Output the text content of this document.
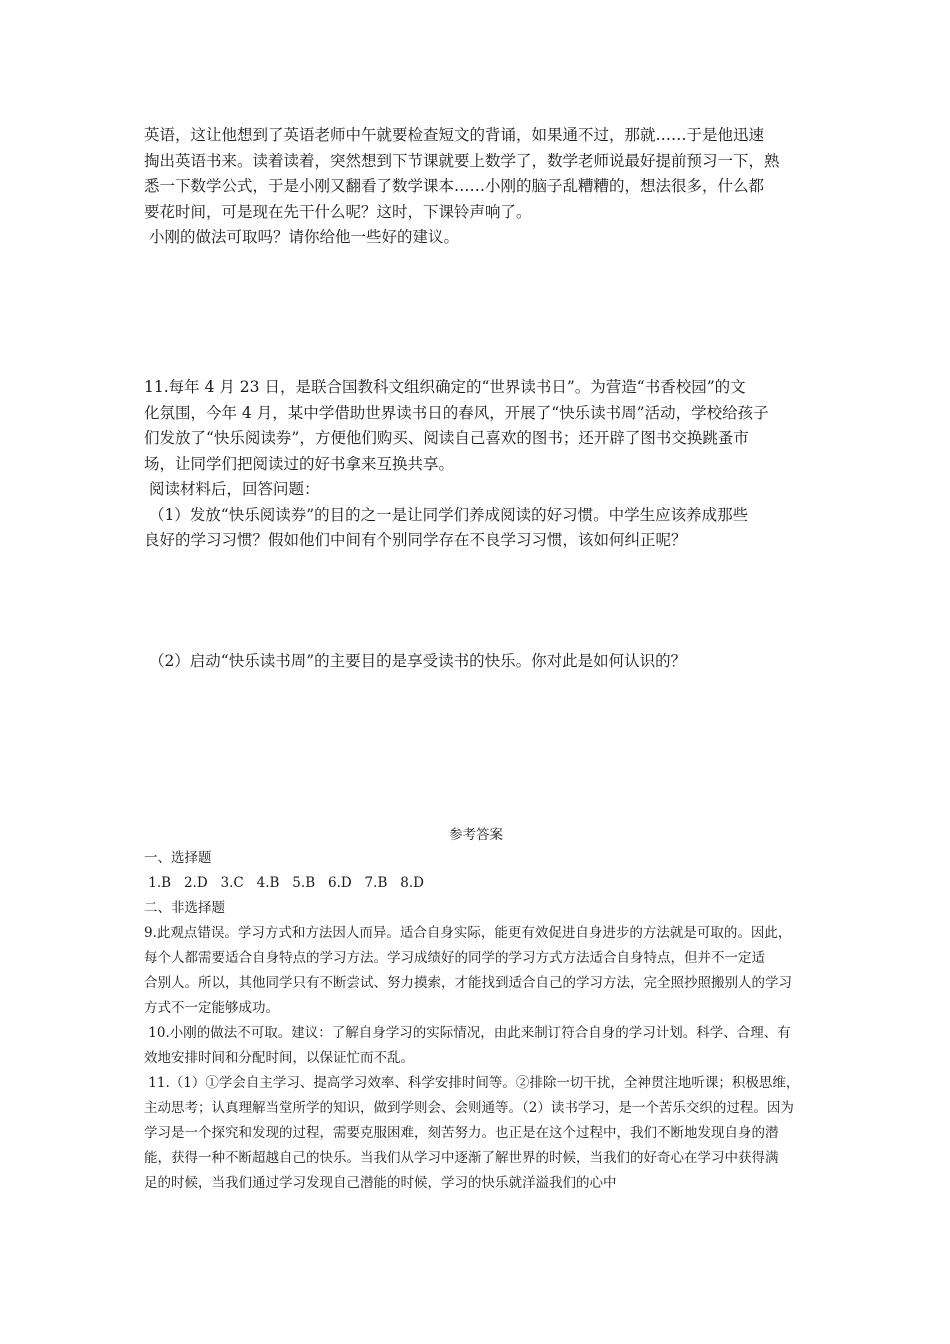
英语，这让他想到了英语老师中午就要检查短文的背诵，如果通不过，那就……于是他迅速

掏出英语书来。读着读着，突然想到下节课就要上数学了，数学老师说最好提前预习一下，熟

悉一下数学公式，于是小刚又翻看了数学课本……小刚的脑子乱糟糟的，想法很多，什么都

要花时间，可是现在先干什么呢？这时，下课铃声响了。

小刚的做法可取吗？请你给他一些好的建议。

11.每年 4 月 23 日，是联合国教科文组织确定的“世界读书日”。为营造“书香校园”的文

化氛围，今年 4 月，某中学借助世界读书日的春风，开展了“快乐读书周”活动，学校给孩子

们发放了“快乐阅读券”，方便他们购买、阅读自己喜欢的图书；还开辟了图书交换跳蚤市

场，让同学们把阅读过的好书拿来互换共享。

阅读材料后，回答问题：

（1）发放“快乐阅读券”的目的之一是让同学们养成阅读的好习惯。中学生应该养成那些

良好的学习习惯？假如他们中间有个别同学存在不良学习习惯，该如何纠正呢？

（2）启动“快乐读书周”的主要目的是享受读书的快乐。你对此是如何认识的？

参考答案

一、选择题

1.B   2.D   3.C   4.B   5.B   6.D   7.B   8.D

二、非选择题

9.此观点错误。学习方式和方法因人而异。适合自身实际，能更有效促进自身进步的方法就是可取的。因此，

每个人都需要适合自身特点的学习方法。学习成绩好的同学的学习方式方法适合自身特点，但并不一定适

合别人。所以，其他同学只有不断尝试、努力摸索，才能找到适合自己的学习方法，完全照抄照搬别人的学习

方式不一定能够成功。

10.小刚的做法不可取。建议：了解自身学习的实际情况，由此来制订符合自身的学习计划。科学、合理、有

效地安排时间和分配时间，以保证忙而不乱。

11.（1）①学会自主学习、提高学习效率、科学安排时间等。②排除一切干扰，全神贯注地听课；积极思维，

主动思考；认真理解当堂所学的知识，做到学则会、会则通等。（2）读书学习，是一个苦乐交织的过程。因为

学习是一个探究和发现的过程，需要克服困难，刻苦努力。也正是在这个过程中，我们不断地发现自身的潜

能，获得一种不断超越自己的快乐。当我们从学习中逐渐了解世界的时候，当我们的好奇心在学习中获得满

足的时候，当我们通过学习发现自己潜能的时候，学习的快乐就洋溢我们的心中
